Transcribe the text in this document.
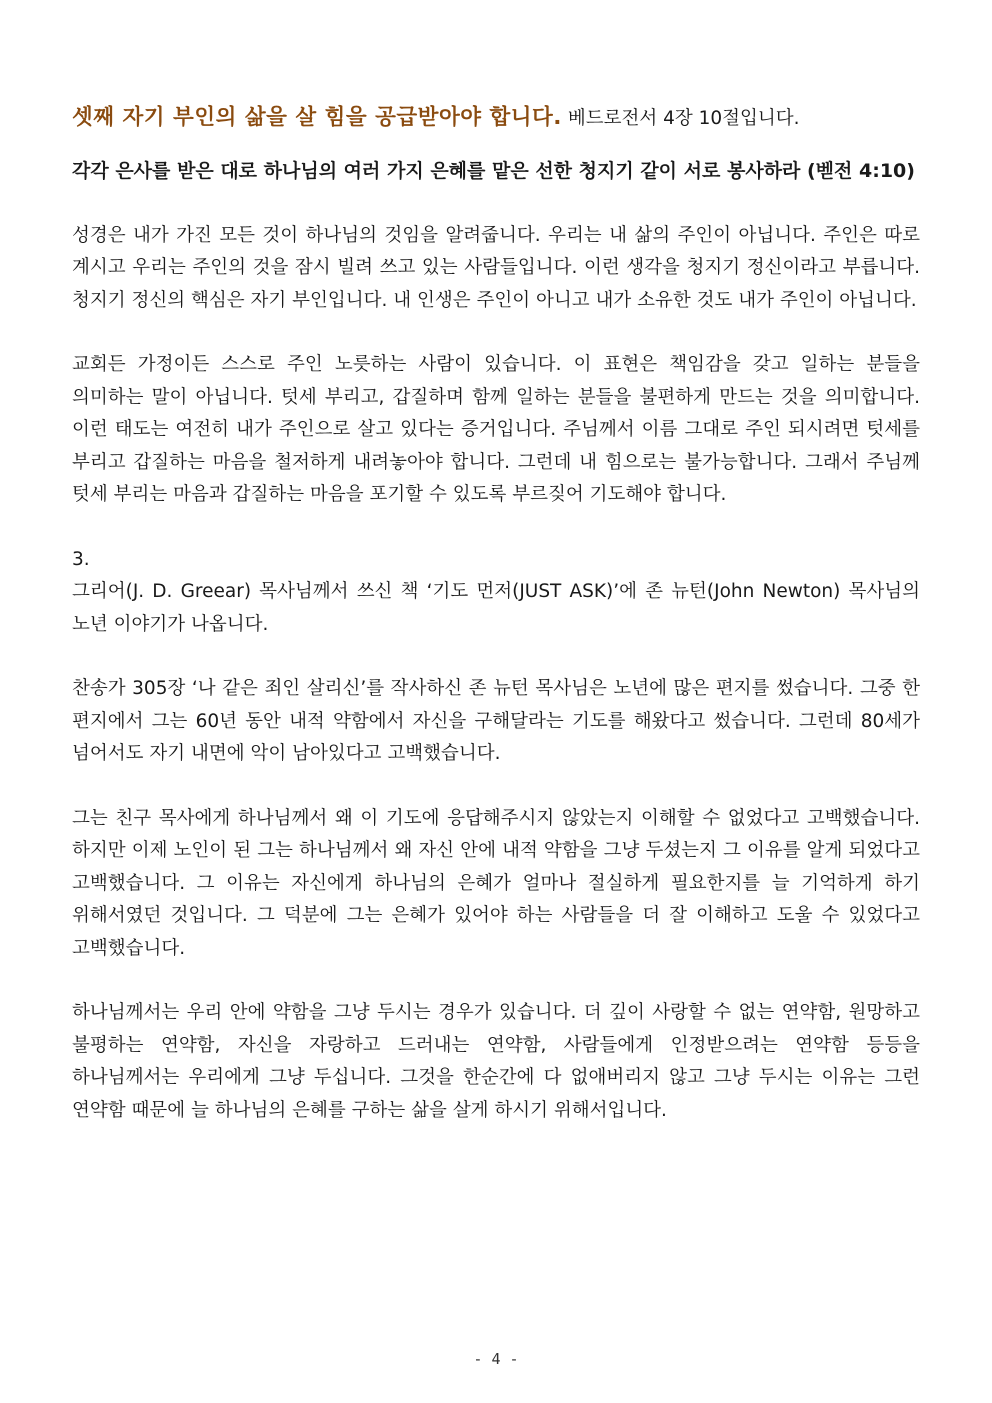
셋째 자기 부인의 삶을 살 힘을 공급받아야 합니다. 베드로전서 4장 10절입니다.

각각 은사를 받은 대로 하나님의 여러 가지 은혜를 맡은 선한 청지기 같이 서로 봉사하라 (벧전 4:10)

성경은 내가 가진 모든 것이 하나님의 것임을 알려줍니다. 우리는 내 삶의 주인이 아닙니다. 주인은 따로 계시고 우리는 주인의 것을 잠시 빌려 쓰고 있는 사람들입니다. 이런 생각을 청지기 정신이라고 부릅니다. 청지기 정신의 핵심은 자기 부인입니다. 내 인생은 주인이 아니고 내가 소유한 것도 내가 주인이 아닙니다.

교회든 가정이든 스스로 주인 노릇하는 사람이 있습니다. 이 표현은 책임감을 갖고 일하는 분들을 의미하는 말이 아닙니다. 텃세 부리고, 갑질하며 함께 일하는 분들을 불편하게 만드는 것을 의미합니다. 이런 태도는 여전히 내가 주인으로 살고 있다는 증거입니다. 주님께서 이름 그대로 주인 되시려면 텃세를 부리고 갑질하는 마음을 철저하게 내려놓아야 합니다. 그런데 내 힘으로는 불가능합니다. 그래서 주님께 텃세 부리는 마음과 갑질하는 마음을 포기할 수 있도록 부르짖어 기도해야 합니다.

3.

그리어(J. D. Greear) 목사님께서 쓰신 책 ‘기도 먼저(JUST ASK)’에 존 뉴턴(John Newton) 목사님의 노년 이야기가 나옵니다.

찬송가 305장 ‘나 같은 죄인 살리신’를 작사하신 존 뉴턴 목사님은 노년에 많은 편지를 썼습니다. 그중 한 편지에서 그는 60년 동안 내적 약함에서 자신을 구해달라는 기도를 해왔다고 썼습니다. 그런데 80세가 넘어서도 자기 내면에 악이 남아있다고 고백했습니다.

그는 친구 목사에게 하나님께서 왜 이 기도에 응답해주시지 않았는지 이해할 수 없었다고 고백했습니다. 하지만 이제 노인이 된 그는 하나님께서 왜 자신 안에 내적 약함을 그냥 두셨는지 그 이유를 알게 되었다고 고백했습니다. 그 이유는 자신에게 하나님의 은혜가 얼마나 절실하게 필요한지를 늘 기억하게 하기 위해서였던 것입니다. 그 덕분에 그는 은혜가 있어야 하는 사람들을 더 잘 이해하고 도울 수 있었다고 고백했습니다.

하나님께서는 우리 안에 약함을 그냥 두시는 경우가 있습니다. 더 깊이 사랑할 수 없는 연약함, 원망하고 불평하는 연약함, 자신을 자랑하고 드러내는 연약함, 사람들에게 인정받으려는 연약함 등등을 하나님께서는 우리에게 그냥 두십니다. 그것을 한순간에 다 없애버리지 않고 그냥 두시는 이유는 그런 연약함 때문에 늘 하나님의 은혜를 구하는 삶을 살게 하시기 위해서입니다.

- 4 -
